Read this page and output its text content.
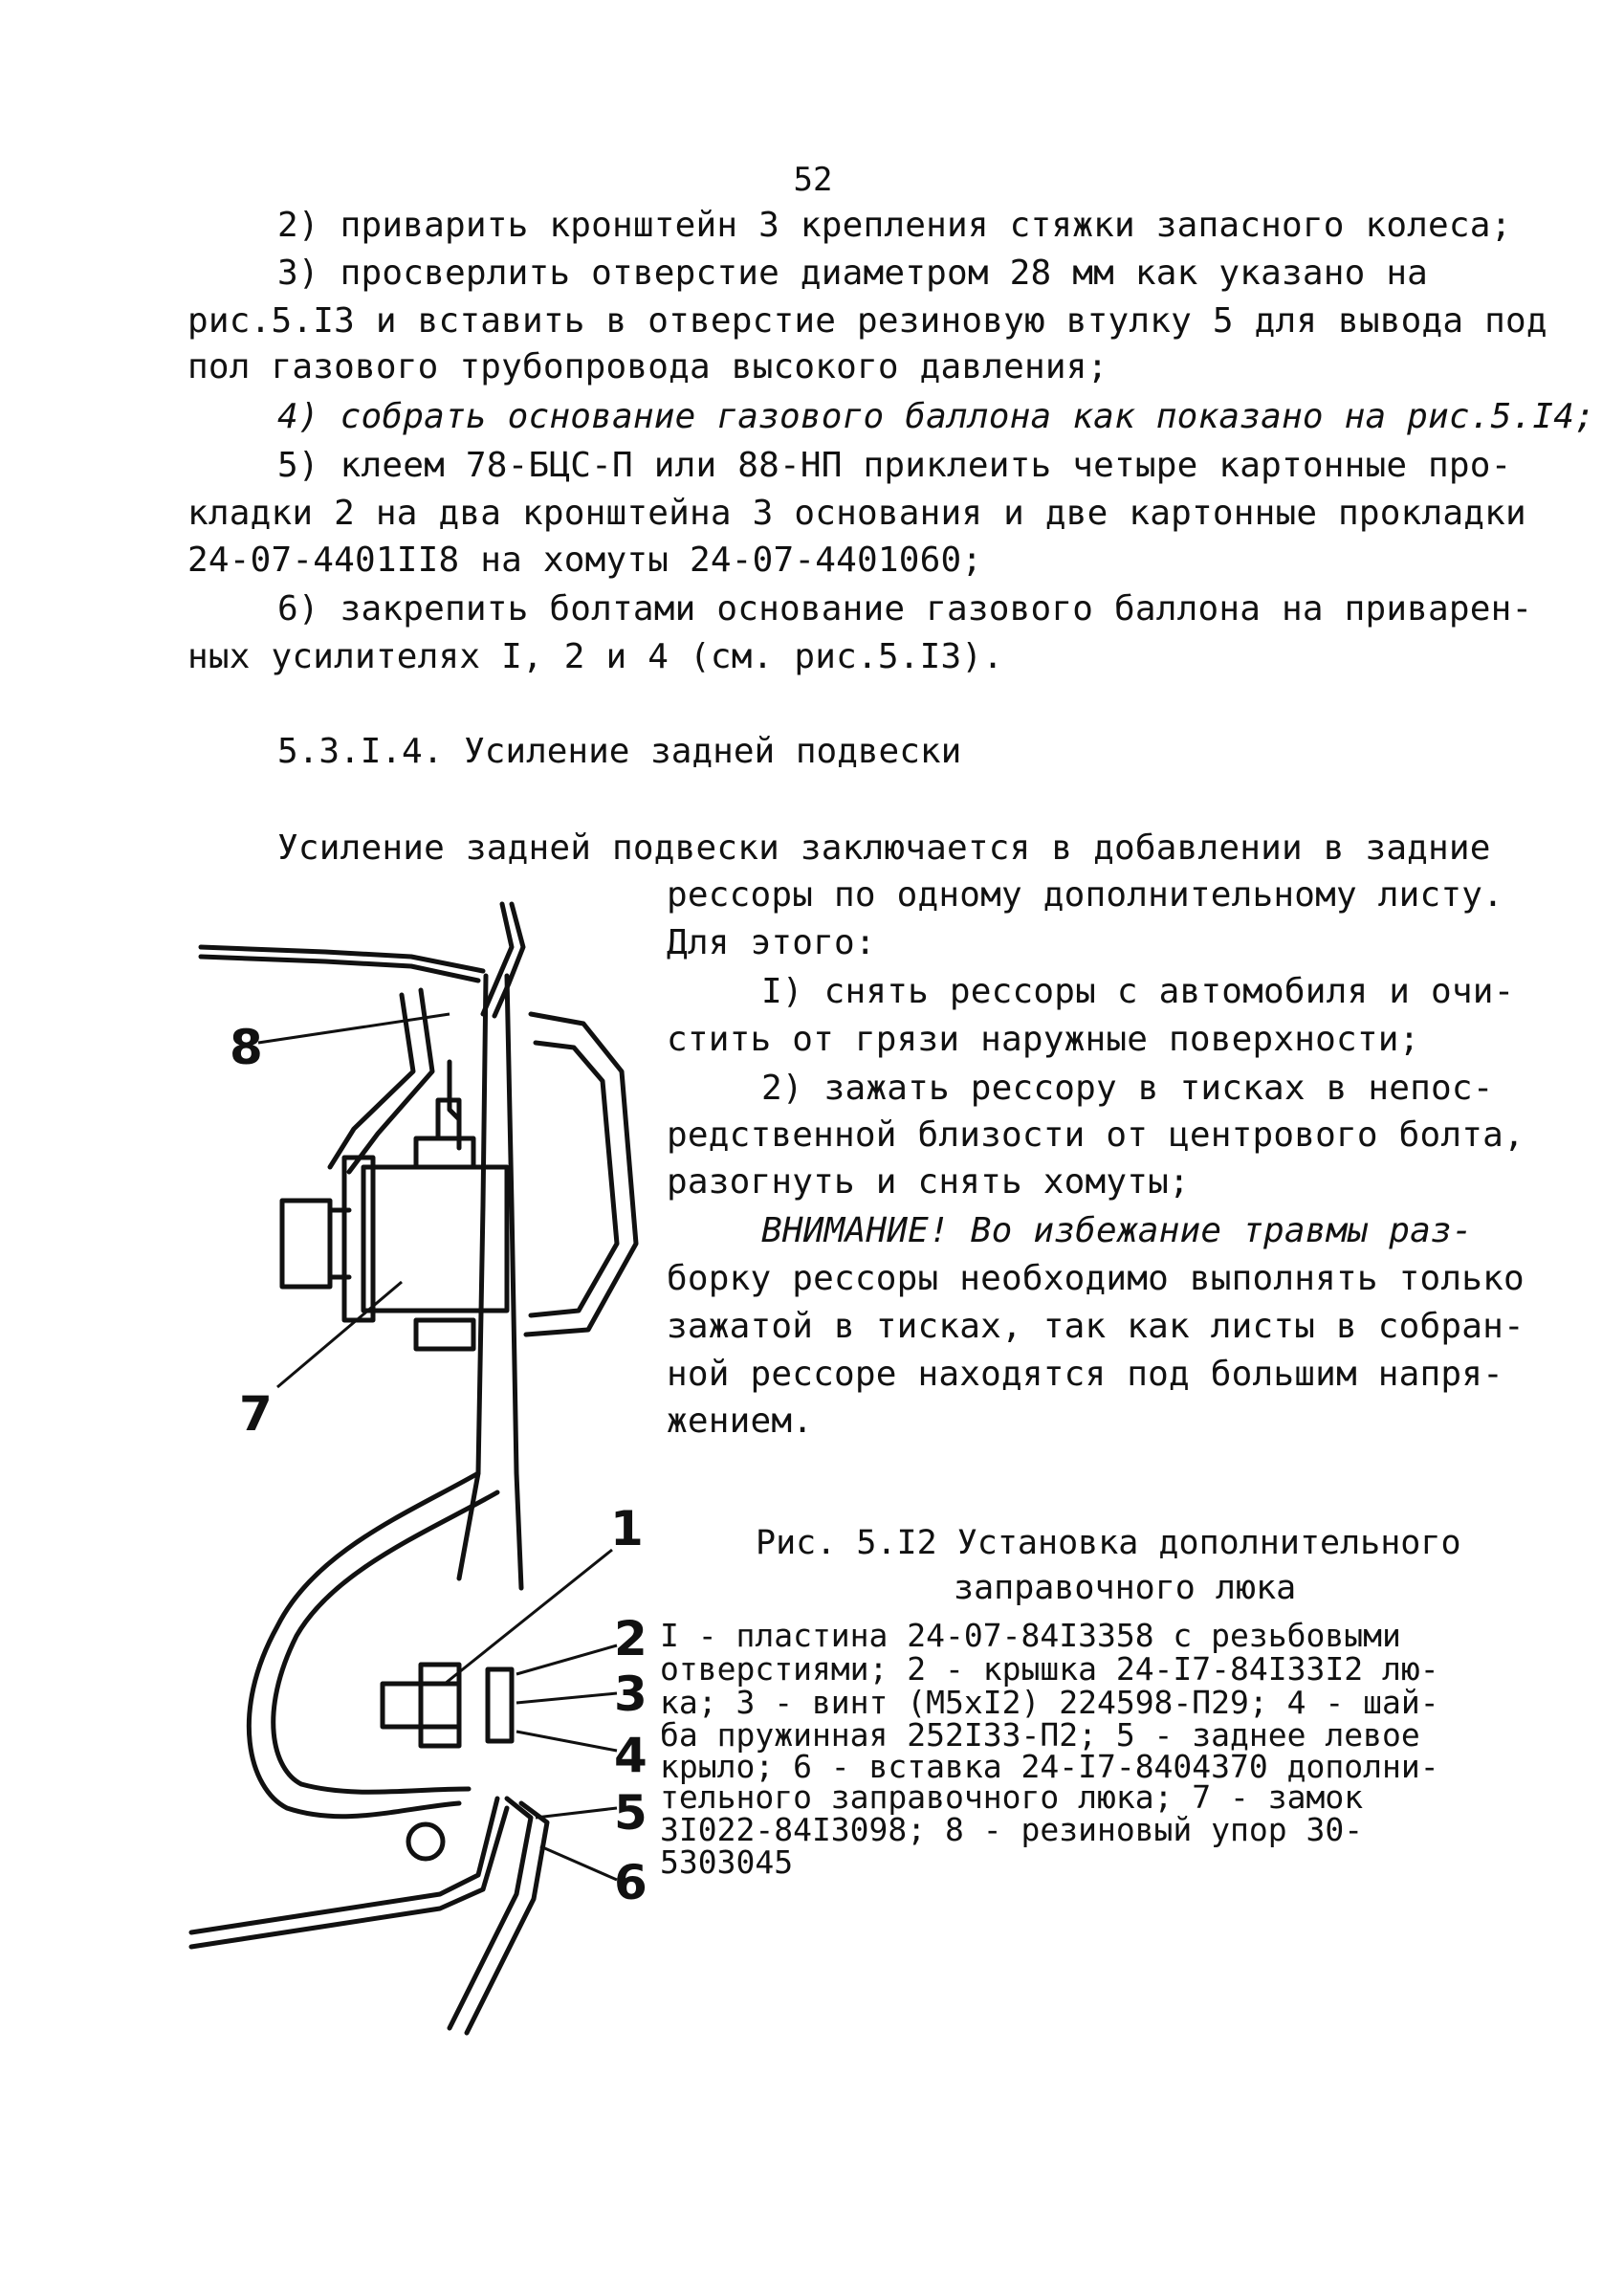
52
2) приварить кронштейн 3 крепления стяжки запасного колеса;
3) просверлить отверстие диаметром 28 мм как указано на
рис.5.I3 и вставить в отверстие резиновую втулку 5 для вывода под
пол газового трубопровода высокого давления;
4) собрать основание газового баллона как показано на рис.5.I4;
5) клеем 78-БЦС-П или 88-НП приклеить четыре картонные про-
кладки 2 на два кронштейна 3 основания и две картонные прокладки
24-07-4401II8 на хомуты 24-07-4401060;
6) закрепить болтами основание газового баллона на приварен-
ных усилителях I, 2 и 4 (см. рис.5.I3).
5.3.I.4. Усиление задней подвески
Усиление задней подвески заключается в добавлении в задние
рессоры по одному дополнительному листу.
Для этого:
I) снять рессоры с автомобиля и очи-
стить от грязи наружные поверхности;
2) зажать рессору в тисках в непос-
редственной близости от центрового болта,
разогнуть и снять хомуты;
ВНИМАНИЕ! Во избежание травмы раз-
борку рессоры необходимо выполнять только
зажатой в тисках, так как листы в собран-
ной рессоре находятся под большим напря-
жением.
Рис. 5.I2 Установка дополнительного
заправочного люка
I - пластина 24-07-84I3358 с резьбовыми
отверстиями; 2 - крышка 24-I7-84I33I2 лю-
ка; 3 - винт (М5хI2) 224598-П29; 4 - шай-
ба пружинная 252I33-П2; 5 - заднее левое
крыло; 6 - вставка 24-I7-8404370 дополни-
тельного заправочного люка; 7 - замок
3I022-84I3098; 8 - резиновый упор 30-
5303045
8
7
1
2
3
4
5
6
